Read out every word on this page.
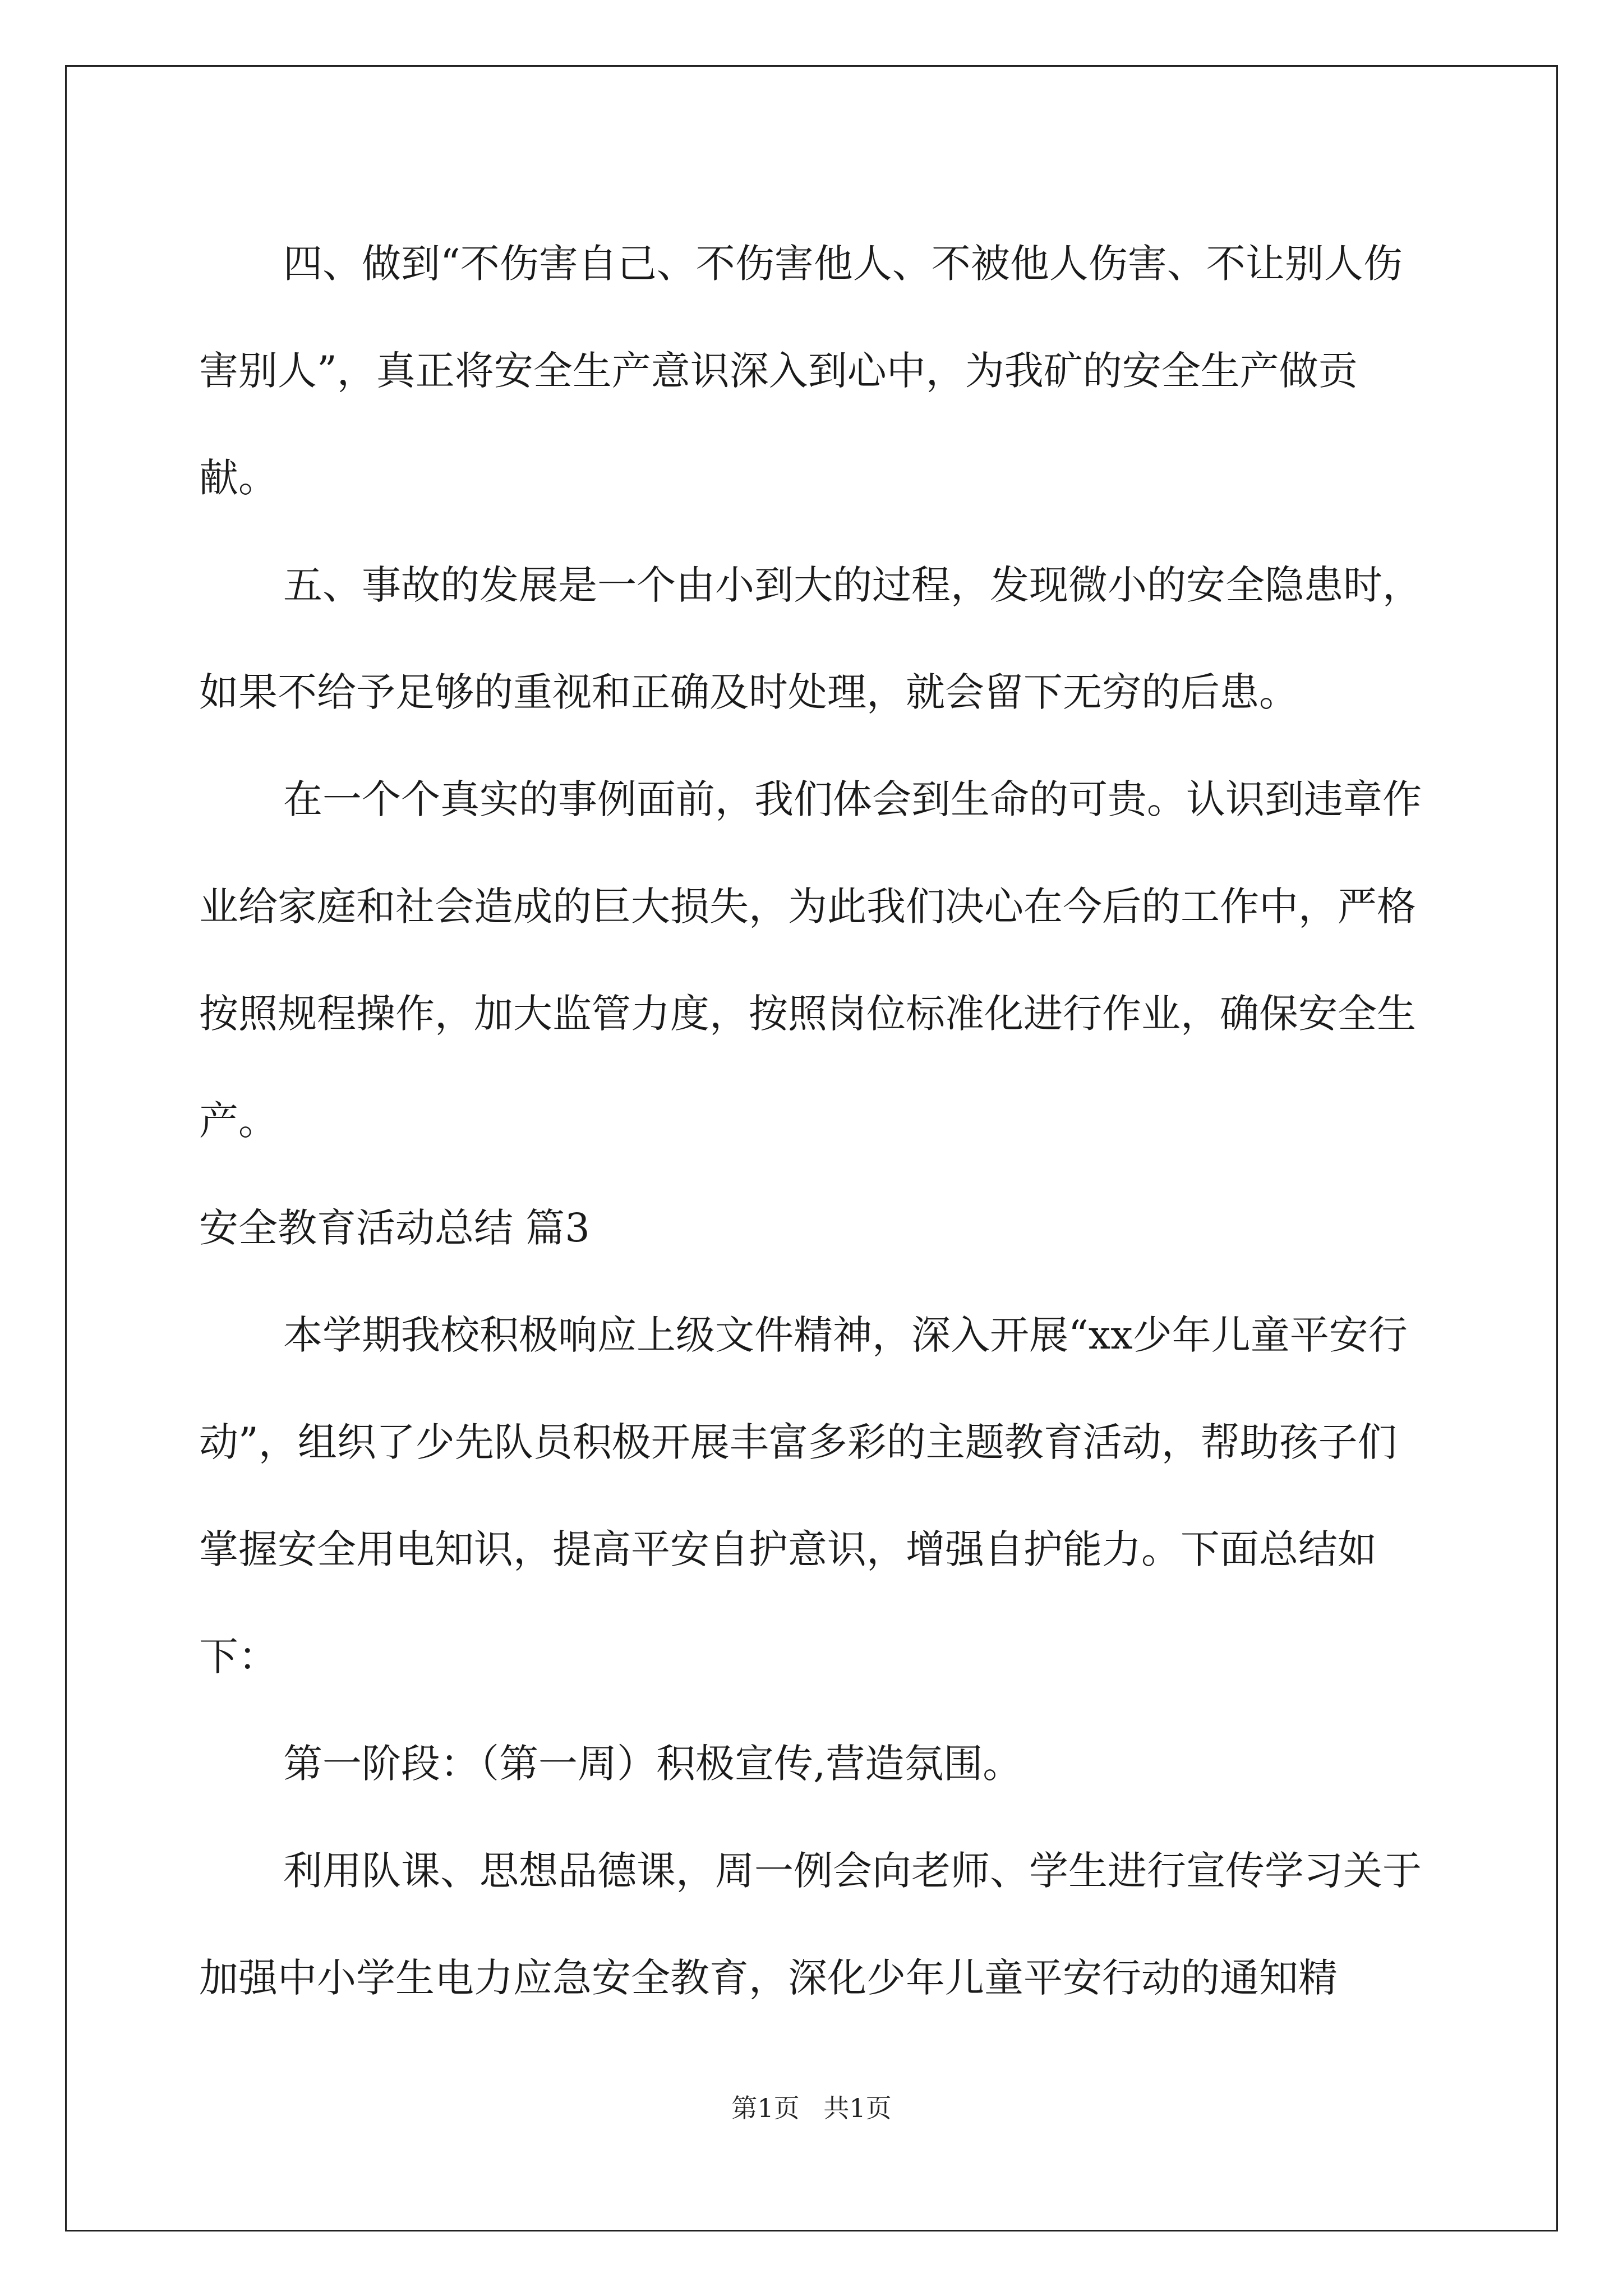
四、做到“不伤害自己、不伤害他人、不被他人伤害、不让别人伤害别人”，真正将安全生产意识深入到心中，为我矿的安全生产做贡献。

五、事故的发展是一个由小到大的过程，发现微小的安全隐患时，如果不给予足够的重视和正确及时处理，就会留下无穷的后患。

在一个个真实的事例面前，我们体会到生命的可贵。认识到违章作业给家庭和社会造成的巨大损失，为此我们决心在今后的工作中，严格按照规程操作，加大监管力度，按照岗位标准化进行作业，确保安全生产。

安全教育活动总结 篇3

本学期我校积极响应上级文件精神，深入开展“xx少年儿童平安行动”，组织了少先队员积极开展丰富多彩的主题教育活动，帮助孩子们掌握安全用电知识，提高平安自护意识，增强自护能力。下面总结如下：

第一阶段：（第一周）积极宣传,营造氛围。

利用队课、思想品德课，周一例会向老师、学生进行宣传学习关于加强中小学生电力应急安全教育，深化少年儿童平安行动的通知精

第1页 共1页
